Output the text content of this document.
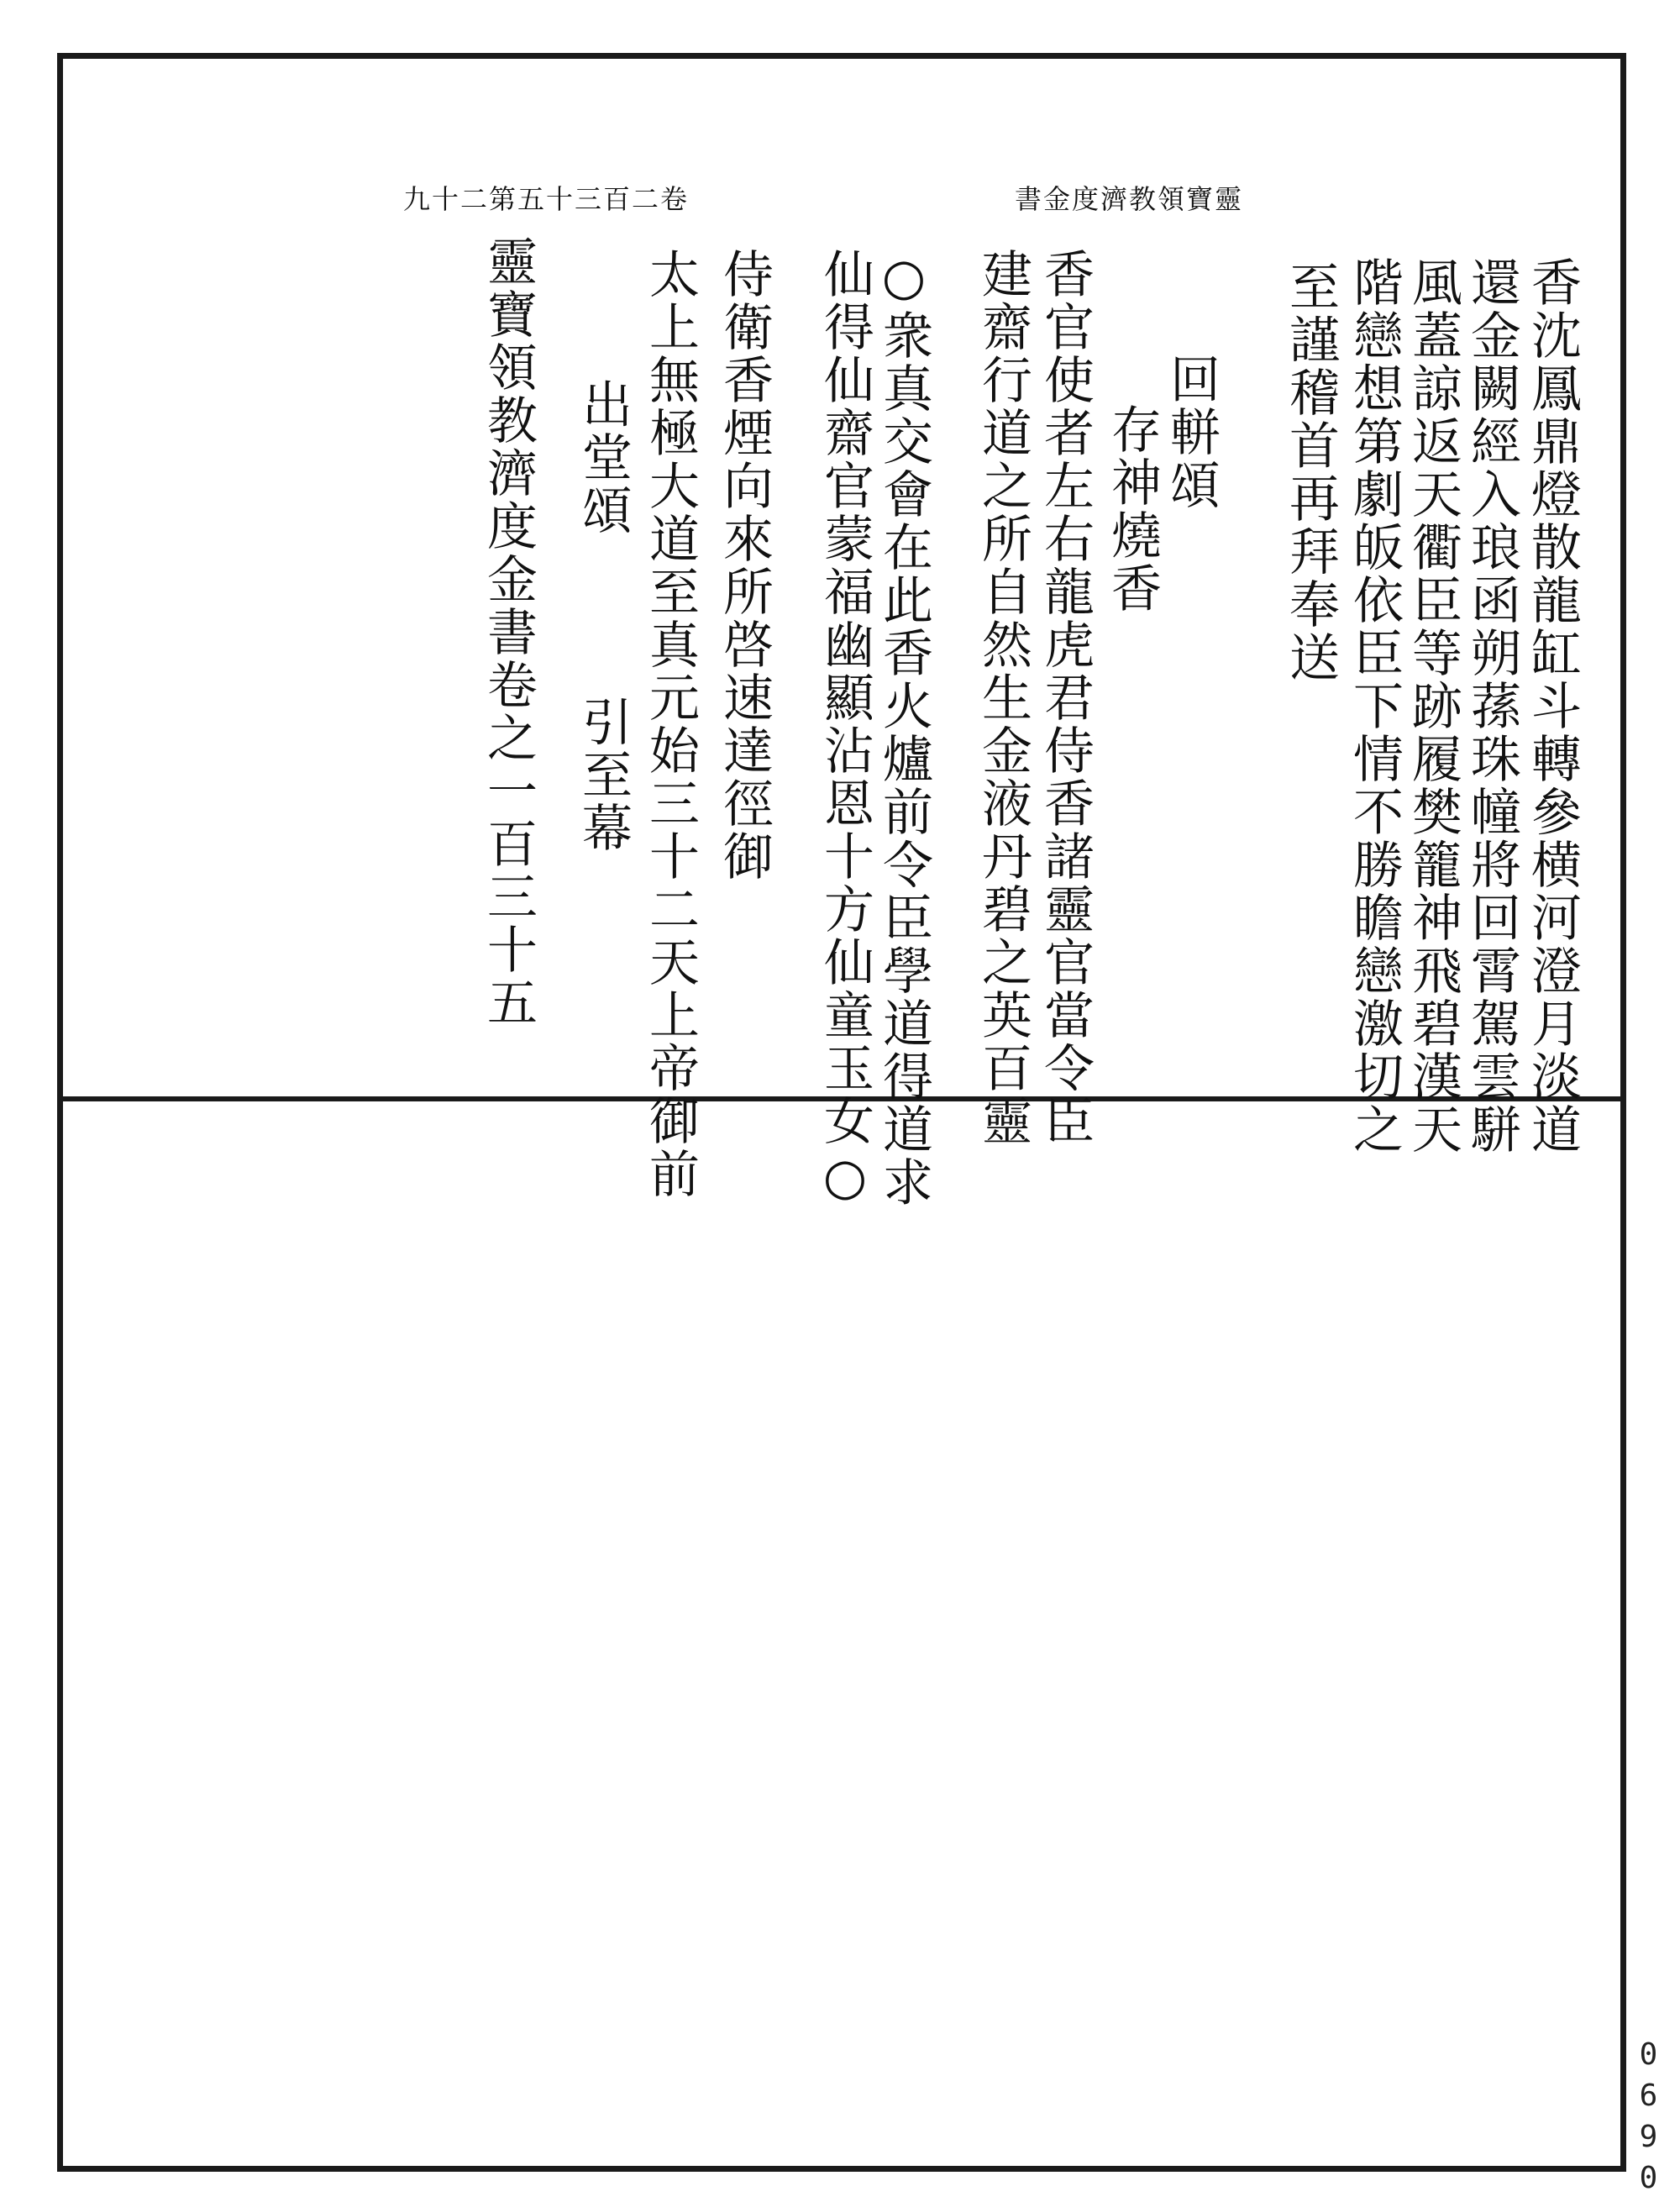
九十二第五十三百二卷	書金度濟教領寶靈
香沈鳳鼎燈散龍缸斗轉參横河澄月淡道
還金闕經入琅函朔蓀珠幢將回霄駕雲駢
風蓋諒返天衢臣等跡履樊籠神飛碧漢天
階戀想第劇皈依臣下情不勝瞻戀激切之
至謹稽首再拜奉送
回軿頌
存神燒香
香官使者左右龍虎君侍香諸靈官當令臣
建齋行道之所自然生金液丹碧之英百靈
○衆真交會在此香火爐前令臣學道得道求
仙得仙齋官蒙福幽顯沾恩十方仙童玉女○
侍衛香煙向來所啓速達徑御
太上無極大道至真元始三十二天上帝御前
出堂頌　　　引至幕
靈寶領教濟度金書卷之一百三十五
0690
